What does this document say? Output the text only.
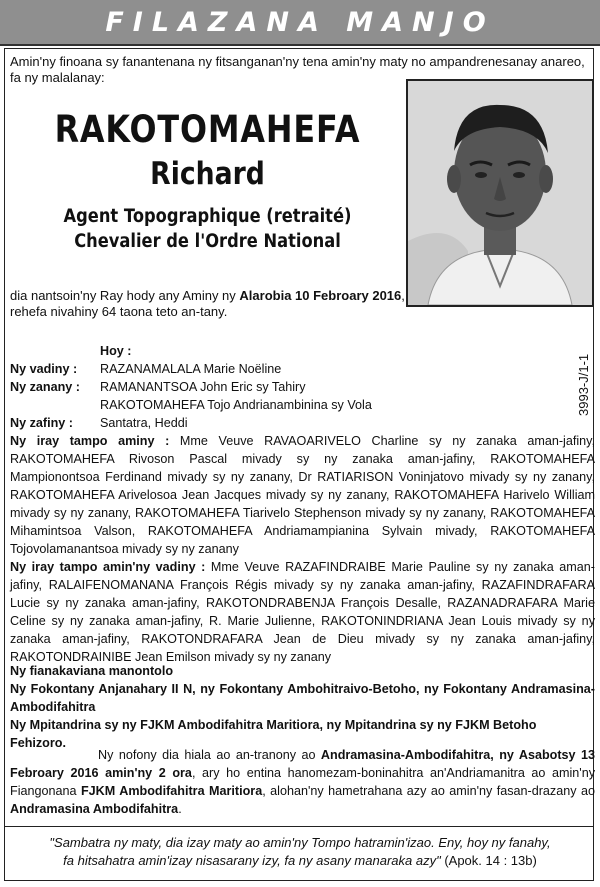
FILAZANA MANJO
Amin'ny finoana sy fanantenana ny fitsanganan'ny tena amin'ny maty no ampandrenesanay anareo, fa ny malalanay:
RAKOTOMAHEFA
Richard
Agent Topographique (retraité)
Chevalier de l'Ordre National
dia nantsoin'ny Ray hody any Aminy ny Alarobia 10 Febroary 2016, rehefa nivahiny 64 taona teto an-tany.
3993-J/1-1
Hoy :
Ny vadiny :	RAZANAMALALA Marie Noëline
Ny zanany :	RAMANANTSOA John Eric sy Tahiry
RAKOTOMAHEFA Tojo Andrianambinina sy Vola
Ny zafiny :	Santatra, Heddi
Ny iray tampo aminy : Mme Veuve RAVAOARIVELO Charline sy ny zanaka aman-jafiny, RAKOTOMAHEFA Rivoson Pascal mivady sy ny zanaka aman-jafiny, RAKOTOMAHEFA Mampionontsoa Ferdinand mivady sy ny zanany, Dr RATIARISON Voninjatovo mivady sy ny zanany, RAKOTOMAHEFA Arivelosoa Jean Jacques mivady sy ny zanany, RAKOTOMAHEFA Harivelo William mivady sy ny zanany, RAKOTOMAHEFA Tiarivelo Stephenson mivady sy ny zanany, RAKOTOMAHEFA Mihamintsoa Valson, RAKOTOMAHEFA Andriamampianina Sylvain mivady, RAKOTOMAHEFA Tojovolamanantsoa mivady sy ny zanany
Ny iray tampo amin'ny vadiny : Mme Veuve RAZAFINDRAIBE Marie Pauline sy ny zanaka aman-jafiny, RALAIFENOMANANA François Régis mivady sy ny zanaka aman-jafiny, RAZAFINDRAFARA Lucie sy ny zanaka aman-jafiny, RAKOTONDRABENJA François Desalle, RAZANADRAFARA Marie Celine sy ny zanaka aman-jafiny, R. Marie Julienne, RAKOTONINDRIANA Jean Louis mivady sy ny zanaka aman-jafiny, RAKOTONDRAFARA Jean de Dieu mivady sy ny zanaka aman-jafiny, RAKOTONDRAINIBE Jean Emilson mivady sy ny zanany
Ny fianakaviana manontolo
Ny Fokontany Anjanahary II N, ny Fokontany Ambohitraivo-Betoho, ny Fokontany Andramasina-Ambodifahitra
Ny Mpitandrina sy ny FJKM Ambodifahitra Maritiora, ny Mpitandrina sy ny FJKM Betoho Fehizoro.
Ny nofony dia hiala ao an-tranony ao Andramasina-Ambodifahitra, ny Asabotsy 13 Febroary 2016 amin'ny 2 ora, ary ho entina hanomezam-boninahitra an'Andriamanitra ao amin'ny Fiangonana FJKM Ambodifahitra Maritiora, alohan'ny hametrahana azy ao amin'ny fasan-drazany ao Andramasina Ambodifahitra.
"Sambatra ny maty, dia izay maty ao amin'ny Tompo hatramin'izao. Eny, hoy ny fanahy,
fa hitsahatra amin'izay nisasarany izy, fa ny asany manaraka azy" (Apok. 14 : 13b)
